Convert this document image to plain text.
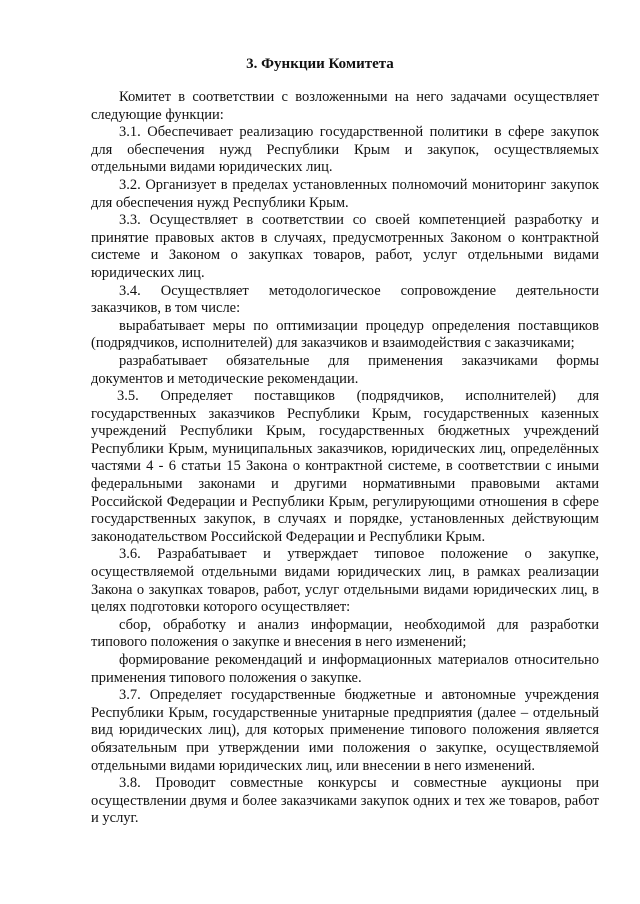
3. Функции Комитета

Комитет в соответствии с возложенными на него задачами осуществляет следующие функции:

3.1. Обеспечивает реализацию государственной политики в сфере закупок для обеспечения нужд Республики Крым и закупок, осуществляемых отдельными видами юридических лиц.

3.2. Организует в пределах установленных полномочий мониторинг закупок для обеспечения нужд Республики Крым.

3.3. Осуществляет в соответствии со своей компетенцией разработку и принятие правовых актов в случаях, предусмотренных Законом о контрактной системе и Законом о закупках товаров, работ, услуг отдельными видами юридических лиц.

3.4. Осуществляет методологическое сопровождение деятельности заказчиков, в том числе:

вырабатывает меры по оптимизации процедур определения поставщиков (подрядчиков, исполнителей) для заказчиков и взаимодействия с заказчиками;

разрабатывает обязательные для применения заказчиками формы документов и методические рекомендации.

3.5. Определяет поставщиков (подрядчиков, исполнителей) для государственных заказчиков Республики Крым, государственных казенных учреждений Республики Крым, государственных бюджетных учреждений Республики Крым, муниципальных заказчиков, юридических лиц, определённых частями 4 - 6 статьи 15 Закона о контрактной системе, в соответствии с иными федеральными законами и другими нормативными правовыми актами Российской Федерации и Республики Крым, регулирующими отношения в сфере государственных закупок, в случаях и порядке, установленных действующим законодательством Российской Федерации и Республики Крым.

3.6. Разрабатывает и утверждает типовое положение о закупке, осуществляемой отдельными видами юридических лиц, в рамках реализации Закона о закупках товаров, работ, услуг отдельными видами юридических лиц, в целях подготовки которого осуществляет:

сбор, обработку и анализ информации, необходимой для разработки типового положения о закупке и внесения в него изменений;

формирование рекомендаций и информационных материалов относительно применения типового положения о закупке.

3.7. Определяет государственные бюджетные и автономные учреждения Республики Крым, государственные унитарные предприятия (далее – отдельный вид юридических лиц), для которых применение типового положения является обязательным при утверждении ими положения о закупке, осуществляемой отдельными видами юридических лиц, или внесении в него изменений.

3.8. Проводит совместные конкурсы и совместные аукционы при осуществлении двумя и более заказчиками закупок одних и тех же товаров, работ и услуг.
